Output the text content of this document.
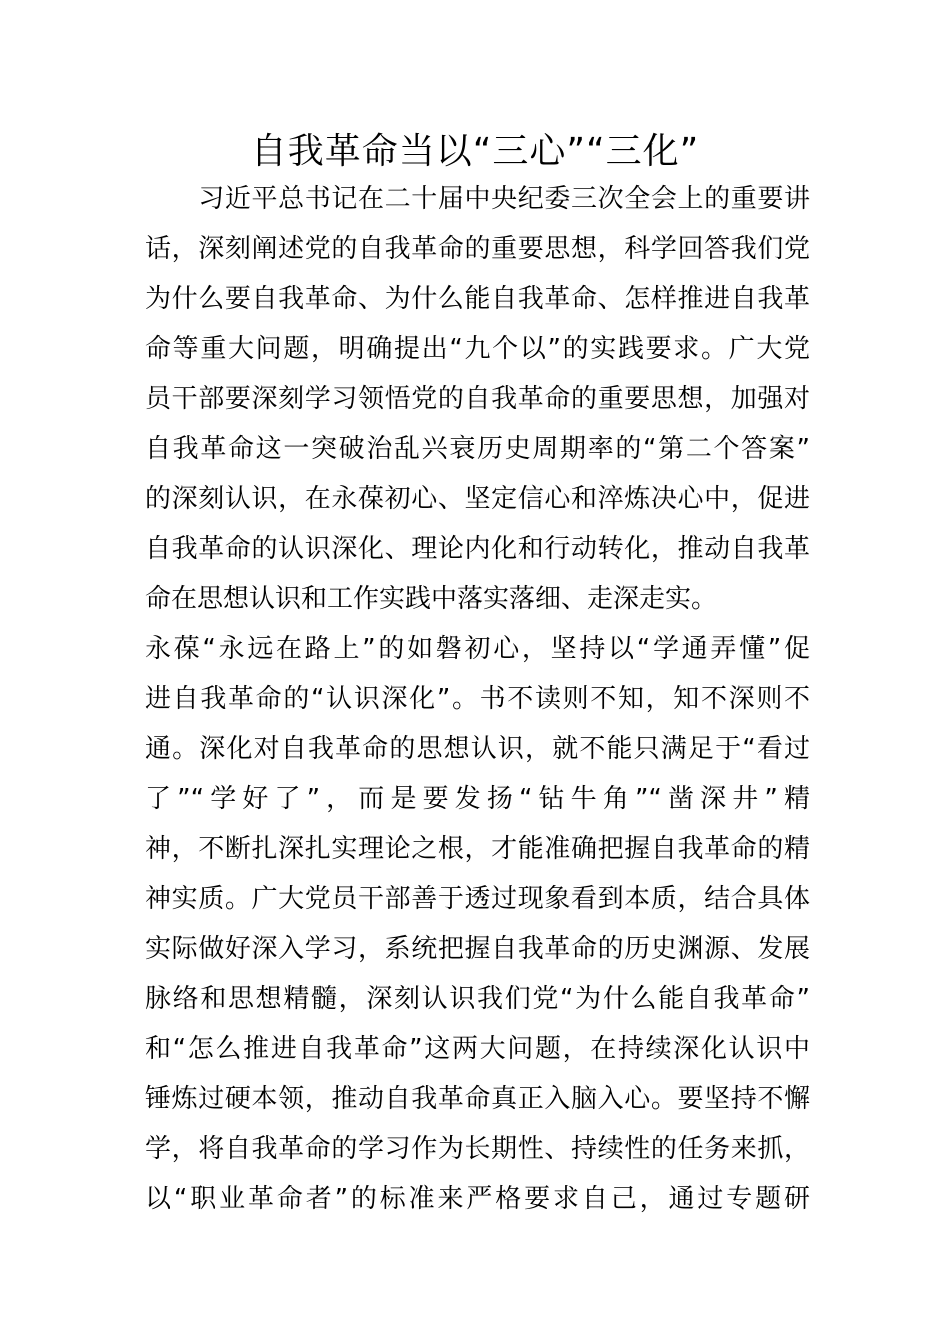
自我革命当以“三心”“三化”
　　习近平总书记在二十届中央纪委三次全会上的重要讲
话，深刻阐述党的自我革命的重要思想，科学回答我们党
为什么要自我革命、为什么能自我革命、怎样推进自我革
命等重大问题，明确提出“九个以”的实践要求。广大党
员干部要深刻学习领悟党的自我革命的重要思想，加强对
自我革命这一突破治乱兴衰历史周期率的“第二个答案”
的深刻认识，在永葆初心、坚定信心和淬炼决心中，促进
自我革命的认识深化、理论内化和行动转化，推动自我革
命在思想认识和工作实践中落实落细、走深走实。
永葆“永远在路上”的如磐初心，坚持以“学通弄懂”促
进自我革命的“认识深化”。书不读则不知，知不深则不
通。深化对自我革命的思想认识，就不能只满足于“看过
了”“学好了”，而是要发扬“钻牛角”“凿深井”精
神，不断扎深扎实理论之根，才能准确把握自我革命的精
神实质。广大党员干部善于透过现象看到本质，结合具体
实际做好深入学习，系统把握自我革命的历史渊源、发展
脉络和思想精髓，深刻认识我们党“为什么能自我革命”
和“怎么推进自我革命”这两大问题，在持续深化认识中
锤炼过硬本领，推动自我革命真正入脑入心。要坚持不懈
学，将自我革命的学习作为长期性、持续性的任务来抓，
以“职业革命者”的标准来严格要求自己，通过专题研
